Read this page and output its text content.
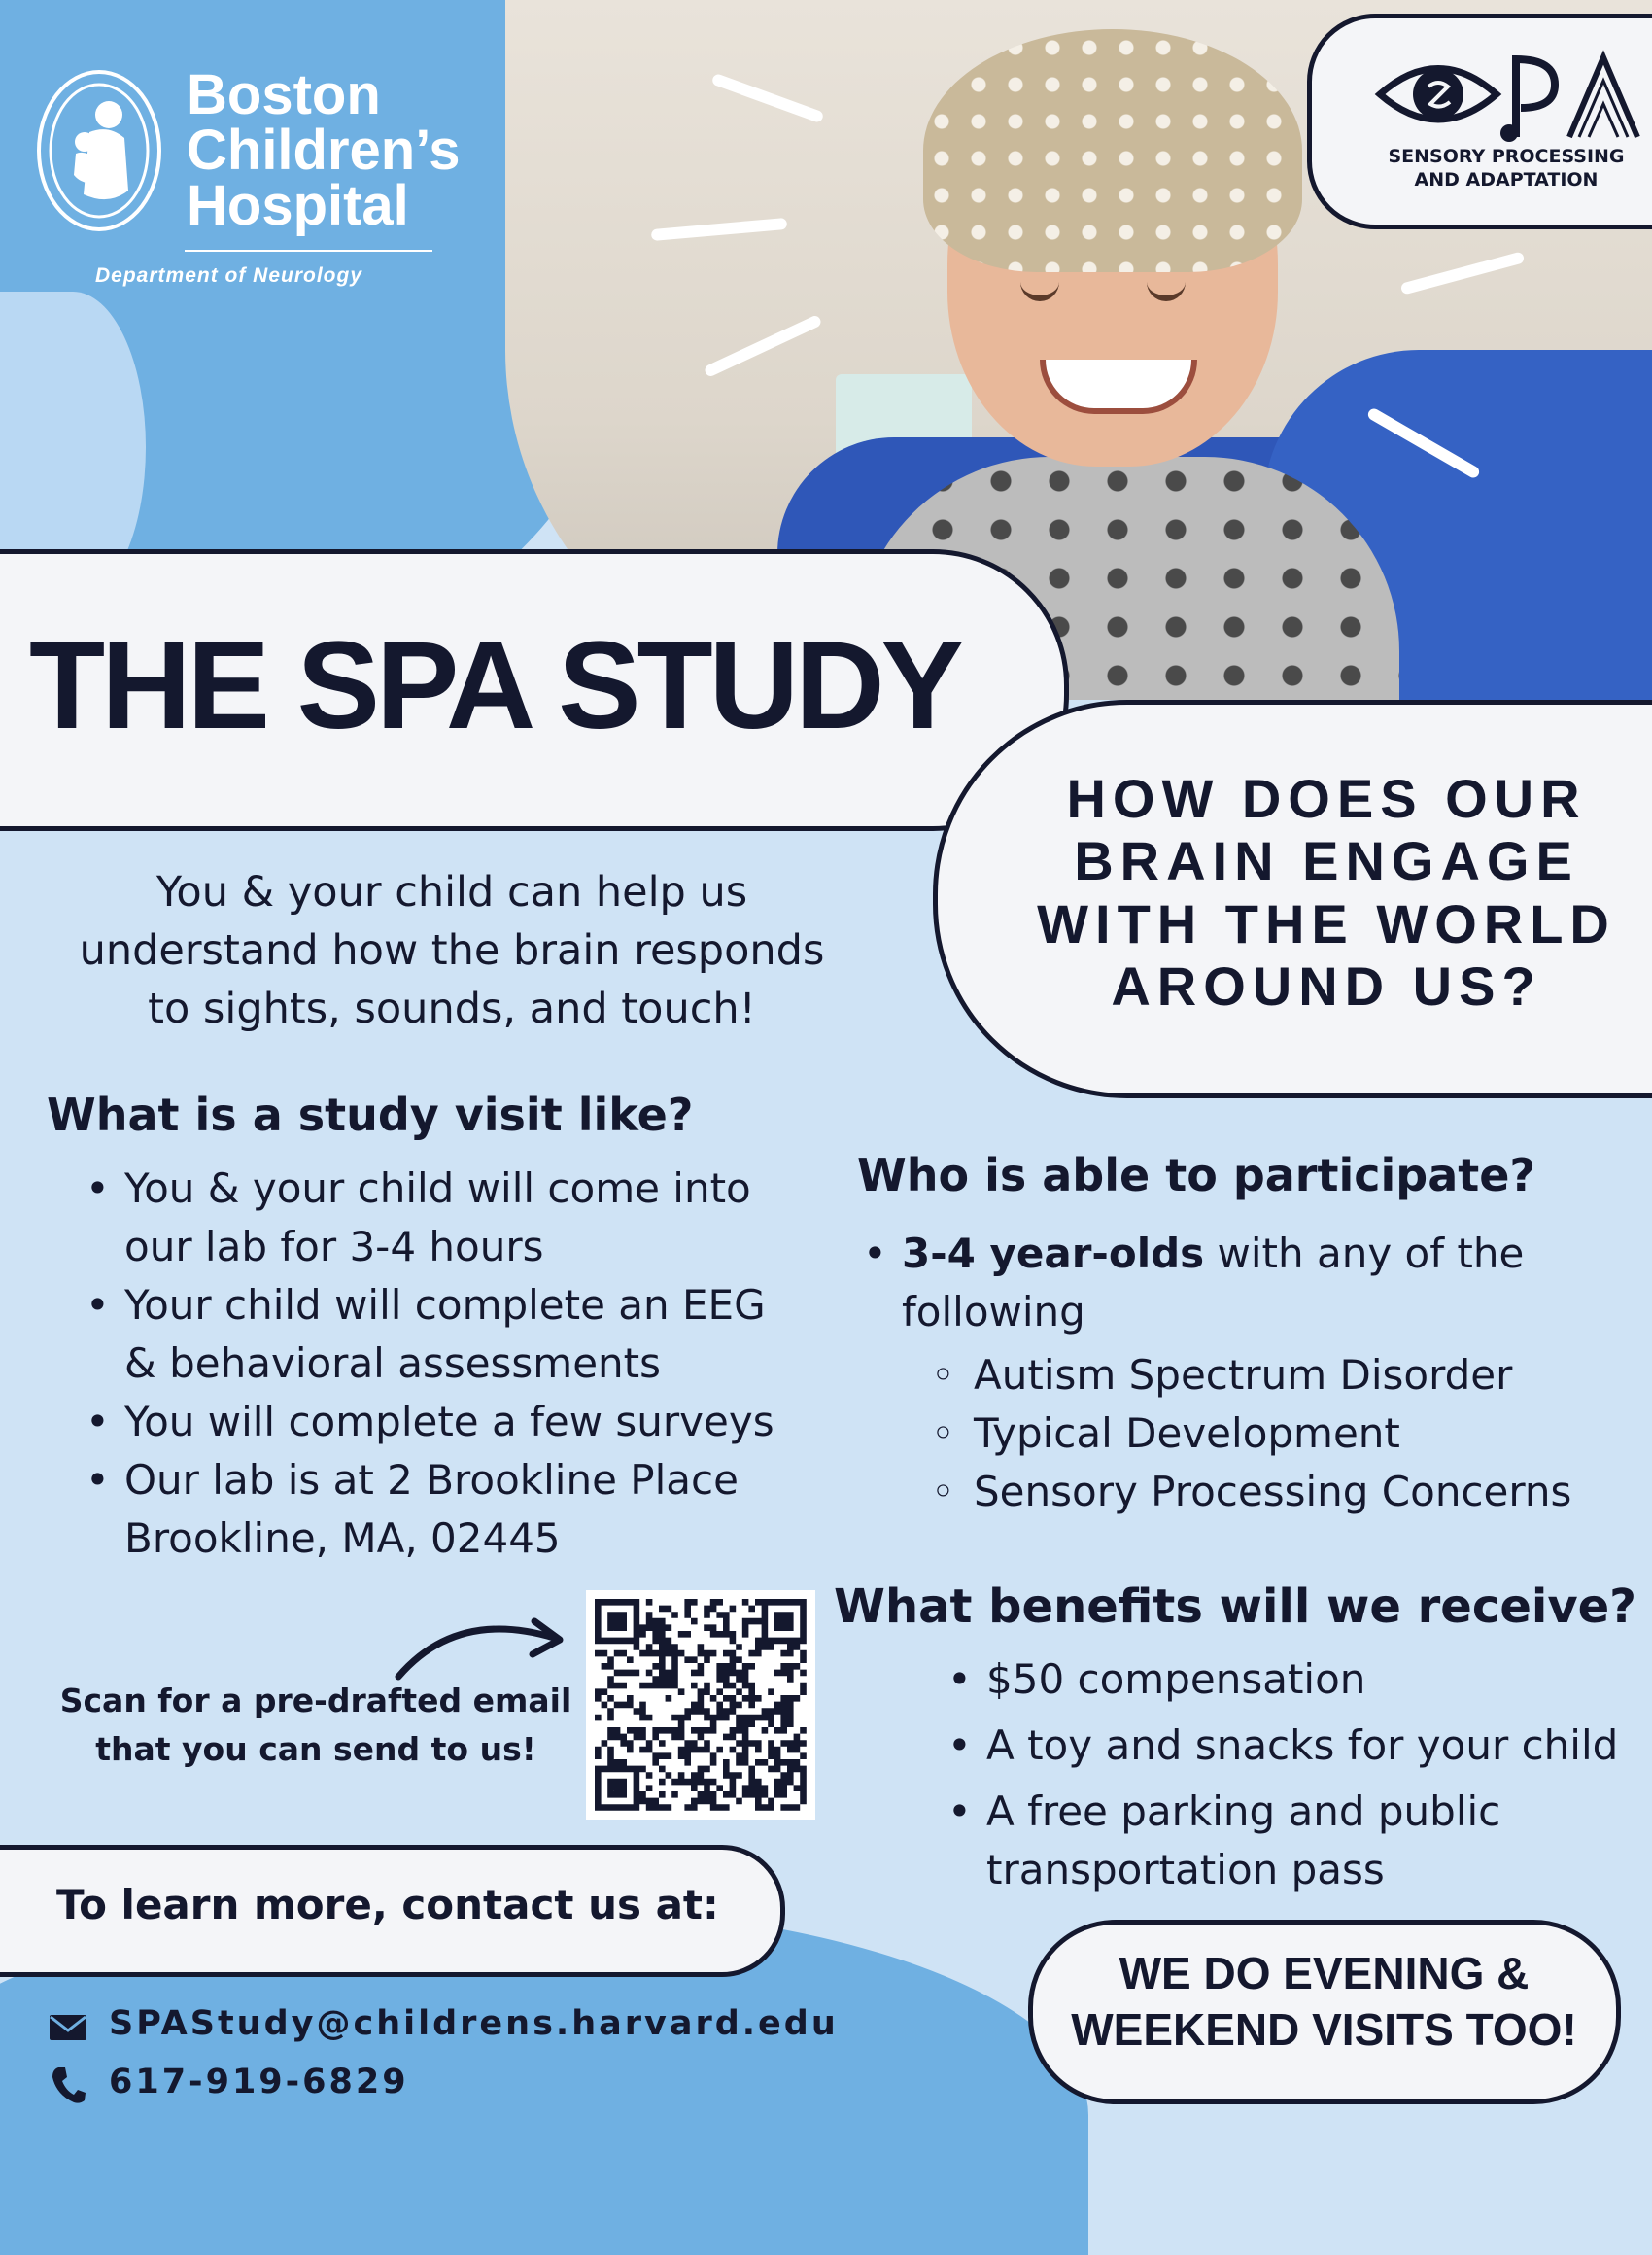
Boston
Children’s
Hospital
Department of Neurology
SPA
SENSORY PROCESSING
AND ADAPTATION
THE SPA STUDY
HOW DOES OUR
BRAIN ENGAGE
WITH THE WORLD
AROUND US?
You & your child can help us
understand how the brain responds
to sights, sounds, and touch!
What is a study visit like?
• You & your child will come into
our lab for 3-4 hours
• Your child will complete an EEG
& behavioral assessments
• You will complete a few surveys
• Our lab is at 2 Brookline Place
Brookline, MA, 02445
Who is able to participate?
• 3-4 year-olds with any of the
following
◦ Autism Spectrum Disorder
◦ Typical Development
◦ Sensory Processing Concerns
What benefits will we receive?
• $50 compensation
• A toy and snacks for your child
• A free parking and public
transportation pass
Scan for a pre-drafted email
that you can send to us!
To learn more, contact us at:
SPAStudy@childrens.harvard.edu
617-919-6829
WE DO EVENING &
WEEKEND VISITS TOO!
